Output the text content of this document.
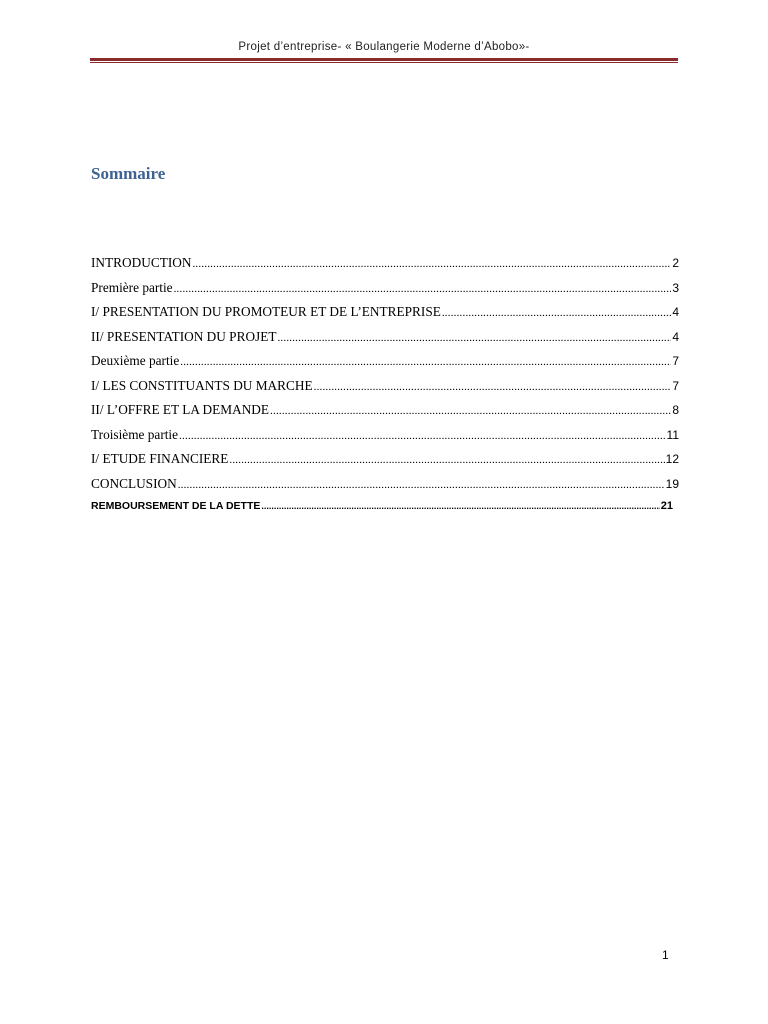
Projet d’entreprise- « Boulangerie Moderne d’Abobo»-
Sommaire
INTRODUCTION .....	2
Première partie .....	3
I/ PRESENTATION DU PROMOTEUR ET DE L’ENTREPRISE .....	4
II/ PRESENTATION DU PROJET .....	4
Deuxième partie .....	7
I/ LES CONSTITUANTS DU MARCHE .....	7
II/ L’OFFRE ET LA DEMANDE .....	8
Troisième partie .....	11
I/ ETUDE FINANCIERE .....	12
CONCLUSION .....	19
REMBOURSEMENT DE LA DETTE .....	21
1
